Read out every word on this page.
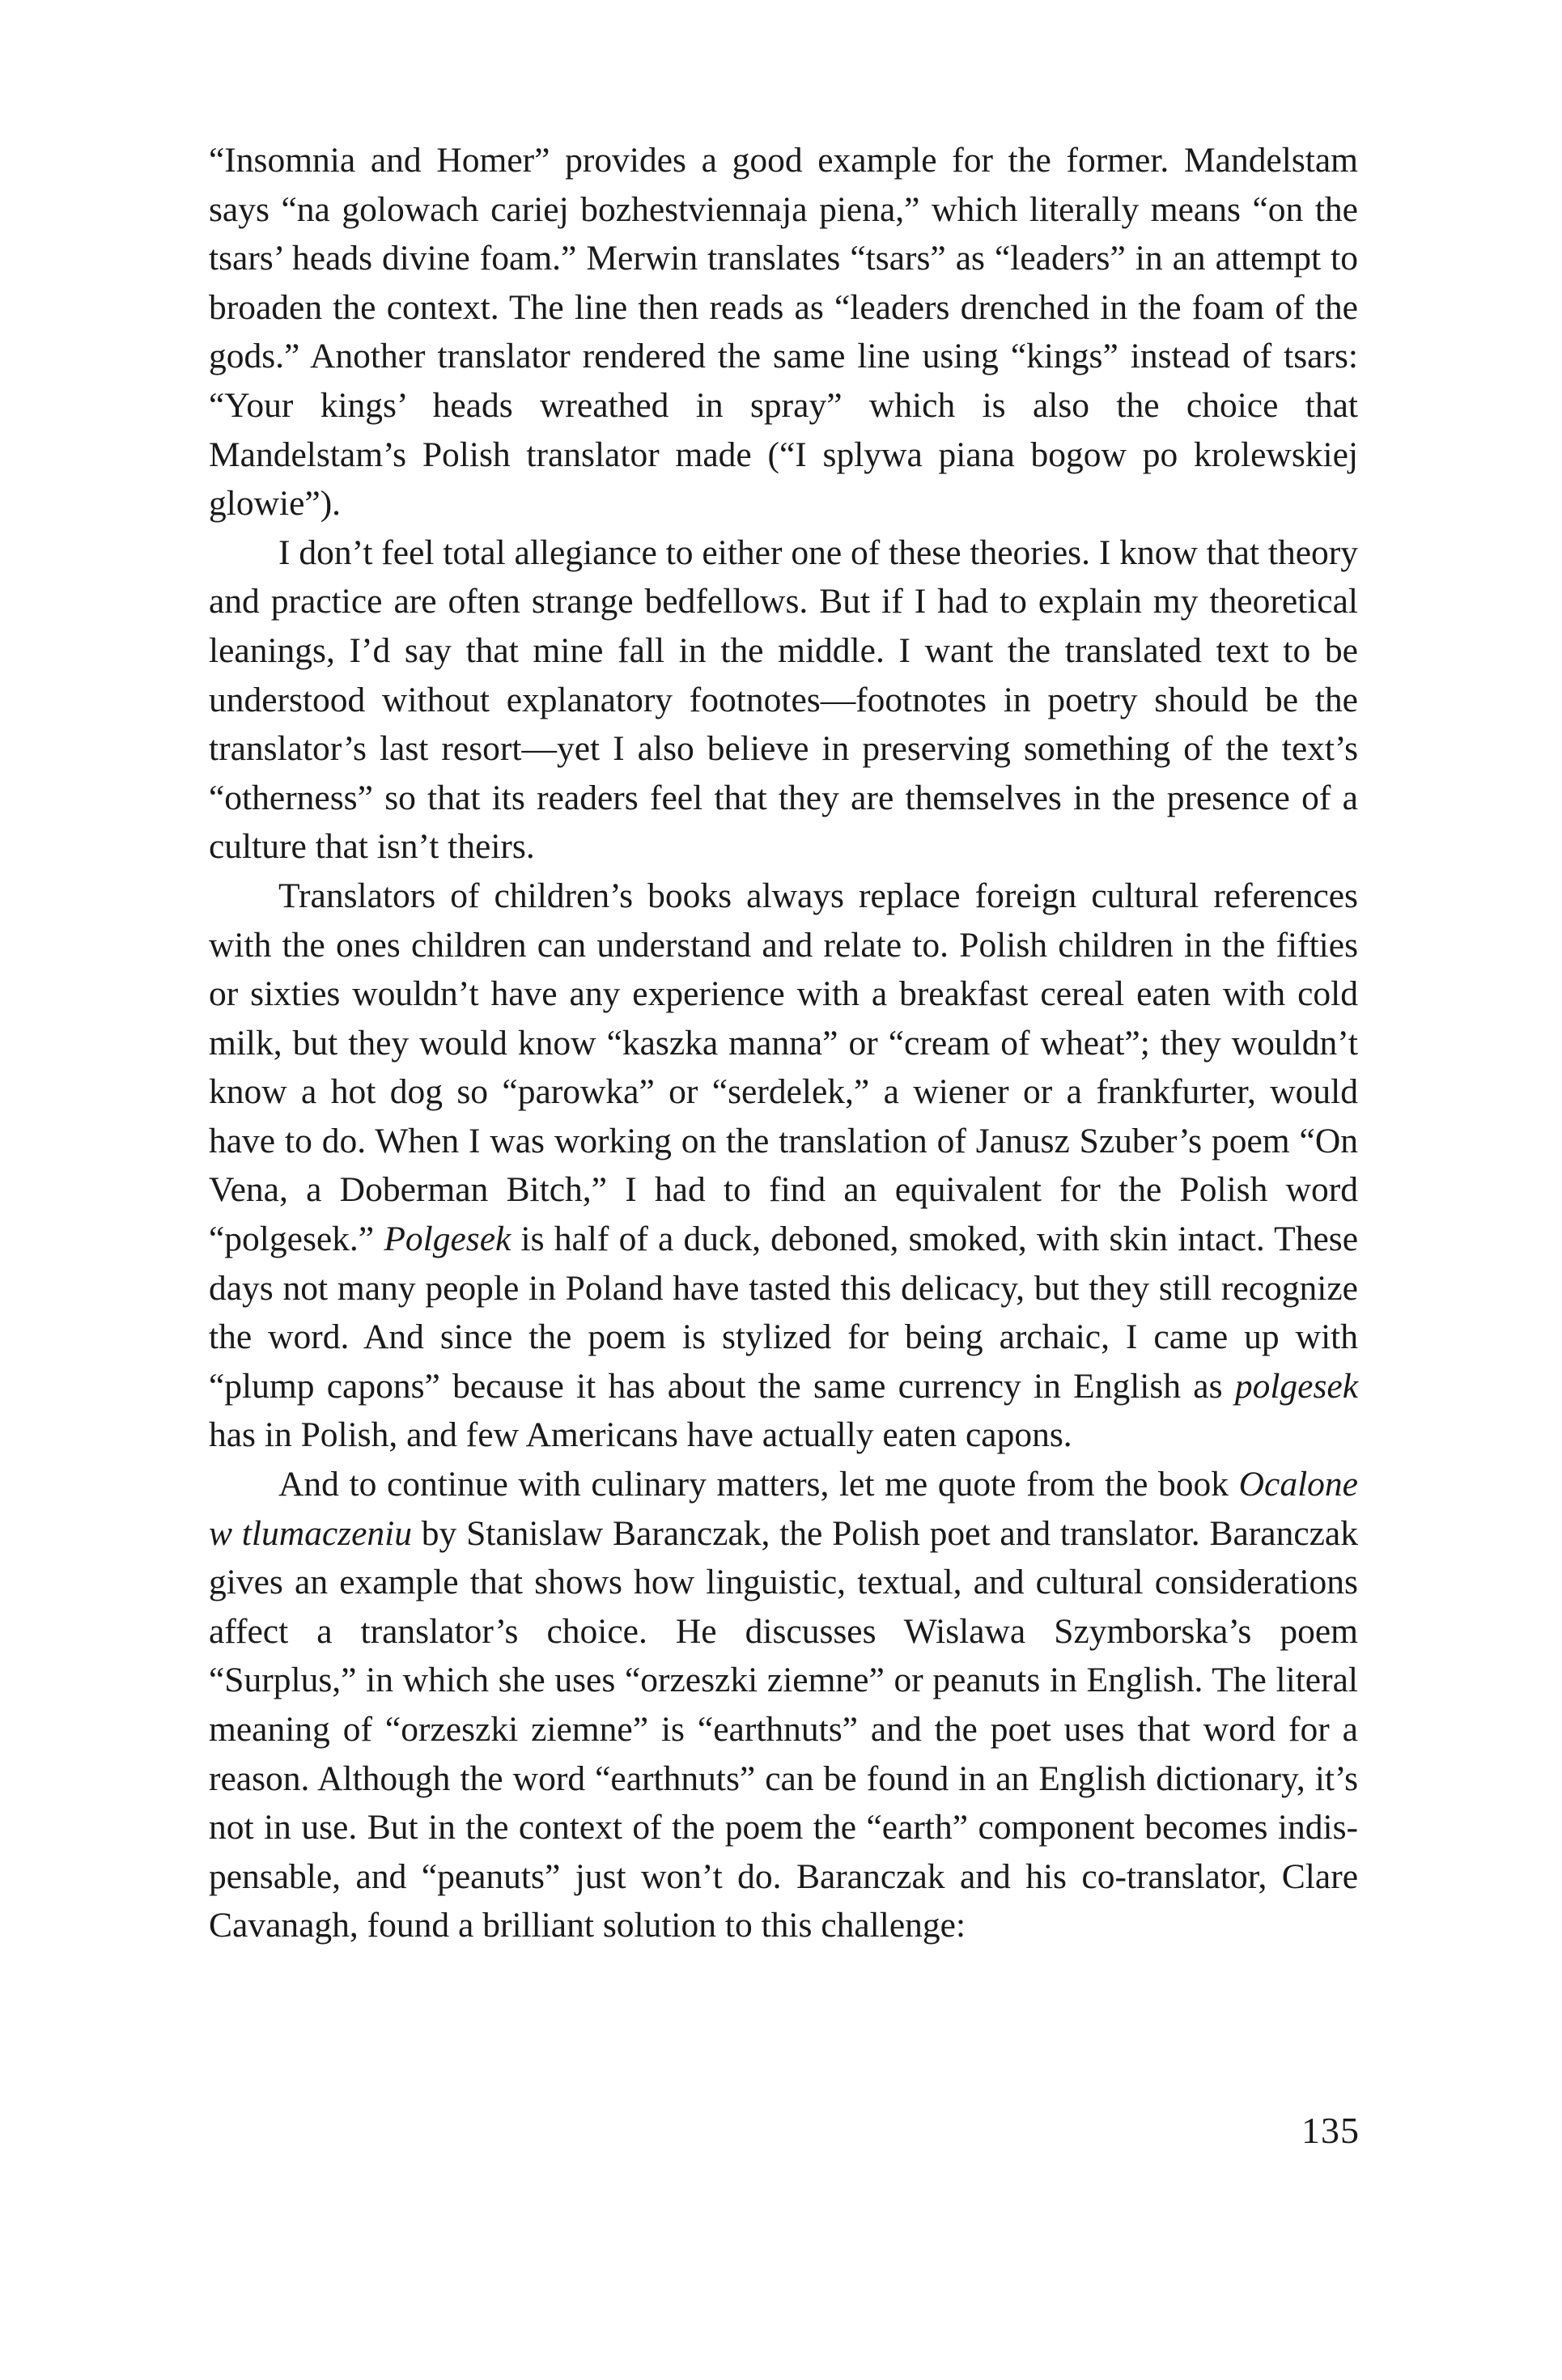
“Insomnia and Homer” provides a good example for the former. Mandelstam says “na golowach cariej bozhestviennaja piena,” which literally means “on the tsars’ heads divine foam.” Merwin translates “tsars” as “leaders” in an attempt to broaden the context. The line then reads as “leaders drenched in the foam of the gods.” Another translator rendered the same line using “kings” instead of tsars: “Your kings’ heads wreathed in spray” which is also the choice that Mandelstam’s Polish translator made (“I splywa piana bogow po krolewskiej glowie”).

I don’t feel total allegiance to either one of these theories. I know that theory and practice are often strange bedfellows. But if I had to explain my theoretical leanings, I’d say that mine fall in the middle. I want the translated text to be understood without explanatory footnotes—footnotes in poetry should be the translator’s last resort—yet I also believe in preserving something of the text’s “otherness” so that its readers feel that they are themselves in the presence of a culture that isn’t theirs.

Translators of children’s books always replace foreign cultural references with the ones children can understand and relate to. Polish children in the fifties or sixties wouldn’t have any experience with a breakfast cereal eaten with cold milk, but they would know “kaszka manna” or “cream of wheat”; they wouldn’t know a hot dog so “parowka” or “serdelek,” a wiener or a frankfurter, would have to do. When I was working on the translation of Janusz Szuber’s poem “On Vena, a Doberman Bitch,” I had to find an equivalent for the Polish word “polgesek.” Polgesek is half of a duck, deboned, smoked, with skin intact. These days not many people in Poland have tasted this delicacy, but they still recognize the word. And since the poem is stylized for being archaic, I came up with “plump capons” because it has about the same currency in English as polgesek has in Polish, and few Americans have actually eaten capons.

And to continue with culinary matters, let me quote from the book Ocalone w tlumaczeniu by Stanislaw Baranczak, the Polish poet and translator. Baranczak gives an example that shows how linguistic, textual, and cultural considerations affect a translator’s choice. He discusses Wislawa Szymborska’s poem “Surplus,” in which she uses “orzeszki ziemne” or peanuts in English. The literal meaning of “orzeszki ziemne” is “earthnuts” and the poet uses that word for a reason. Although the word “earthnuts” can be found in an English dictionary, it’s not in use. But in the context of the poem the “earth” component becomes indispensable, and “peanuts” just won’t do. Baranczak and his co-translator, Clare Cavanagh, found a brilliant solution to this challenge:

135
